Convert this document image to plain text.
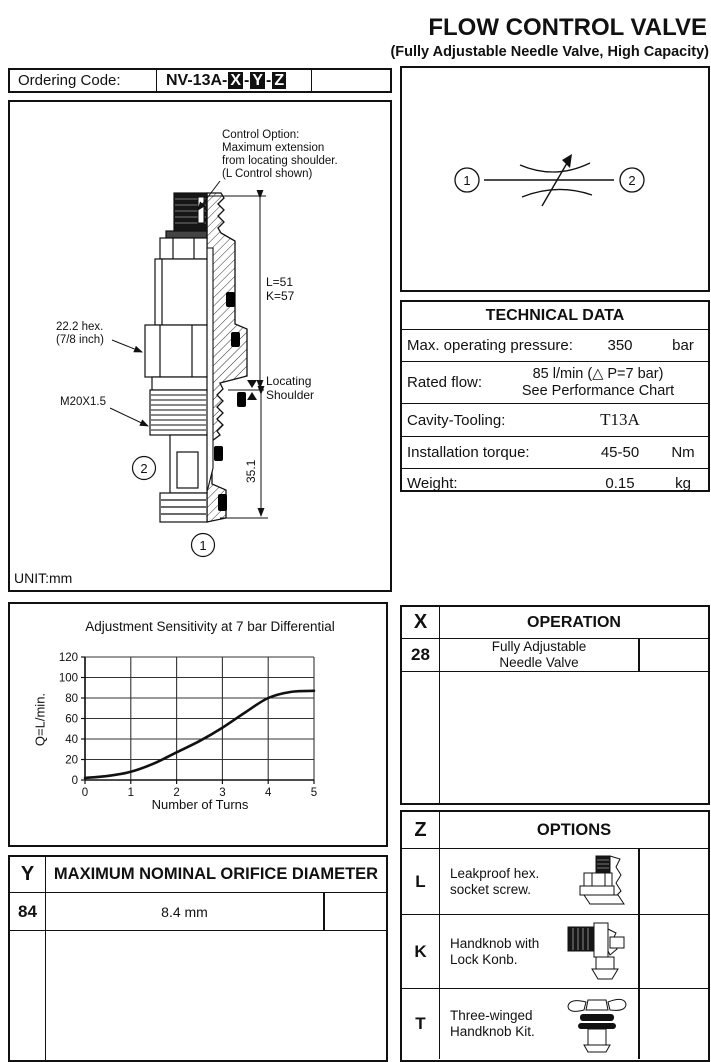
FLOW CONTROL VALVE
(Fully Adjustable Needle Valve, High Capacity)
Ordering Code:	NV-13A- X - Y - Z
L=51
K=57
Locating
Shoulder
35.1
Control Option:
Maximum extension
from locating shoulder.
(L Control shown)
22.2 hex.
(7/8 inch)
M20X1.5
2
1
UNIT:mm
1	2
TECHNICAL DATA
Max. operating pressure:	350	bar
Rated flow:
85 l/min (△ P=7 bar)
See Performance Chart
Cavity-Tooling:	T13A
Installation torque:	45-50	Nm
Weight:	0.15	kg
Adjustment Sensitivity at 7 bar Differential
Q=L/min.
0
20
40
60
80
100
120
0	1	2	3	4	5
Number of Turns
X	OPERATION
28	Fully Adjustable
Needle Valve
Y	MAXIMUM NOMINAL ORIFICE DIAMETER
84	8.4 mm
Z	OPTIONS
L	Leakproof hex.
socket screw.
K	Handknob with
Lock Konb.
T	Three-winged
Handknob Kit.
